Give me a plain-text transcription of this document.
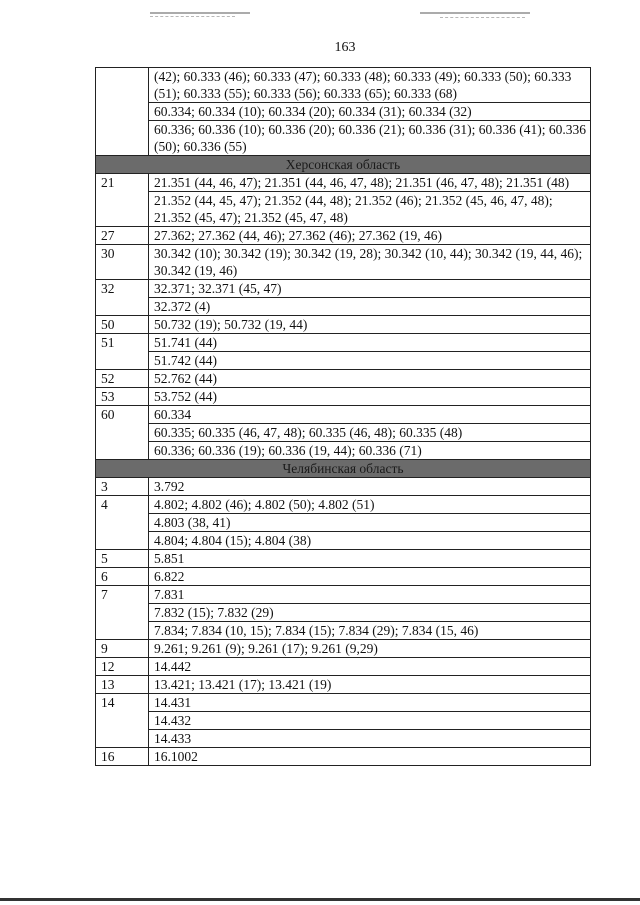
163
	(42); 60.333 (46); 60.333 (47); 60.333 (48); 60.333 (49); 60.333 (50); 60.333 (51); 60.333 (55); 60.333 (56); 60.333 (65); 60.333 (68)
	60.334; 60.334 (10); 60.334 (20); 60.334 (31); 60.334 (32)
	60.336; 60.336 (10); 60.336 (20); 60.336 (21); 60.336 (31); 60.336 (41); 60.336 (50); 60.336 (55)
Херсонская область	
21	21.351 (44, 46, 47); 21.351 (44, 46, 47, 48); 21.351 (46, 47, 48); 21.351 (48)
	21.352 (44, 45, 47); 21.352 (44, 48); 21.352 (46); 21.352 (45, 46, 47, 48); 21.352 (45, 47); 21.352 (45, 47, 48)
27	27.362; 27.362 (44, 46); 27.362 (46); 27.362 (19, 46)
30	30.342 (10); 30.342 (19); 30.342 (19, 28); 30.342 (10, 44); 30.342 (19, 44, 46); 30.342 (19, 46)
32	32.371; 32.371 (45, 47)
	32.372 (4)
50	50.732 (19); 50.732 (19, 44)
51	51.741 (44)
	51.742 (44)
52	52.762 (44)
53	53.752 (44)
60	60.334
	60.335; 60.335 (46, 47, 48); 60.335 (46, 48); 60.335 (48)
	60.336; 60.336 (19); 60.336 (19, 44); 60.336 (71)
Челябинская область	
3	3.792
4	4.802; 4.802 (46); 4.802 (50); 4.802 (51)
	4.803 (38, 41)
	4.804; 4.804 (15); 4.804 (38)
5	5.851
6	6.822
7	7.831
	7.832 (15); 7.832 (29)
	7.834; 7.834 (10, 15); 7.834 (15); 7.834 (29); 7.834 (15, 46)
9	9.261; 9.261 (9); 9.261 (17); 9.261 (9,29)
12	14.442
13	13.421; 13.421 (17); 13.421 (19)
14	14.431
	14.432
	14.433
16	16.1002
